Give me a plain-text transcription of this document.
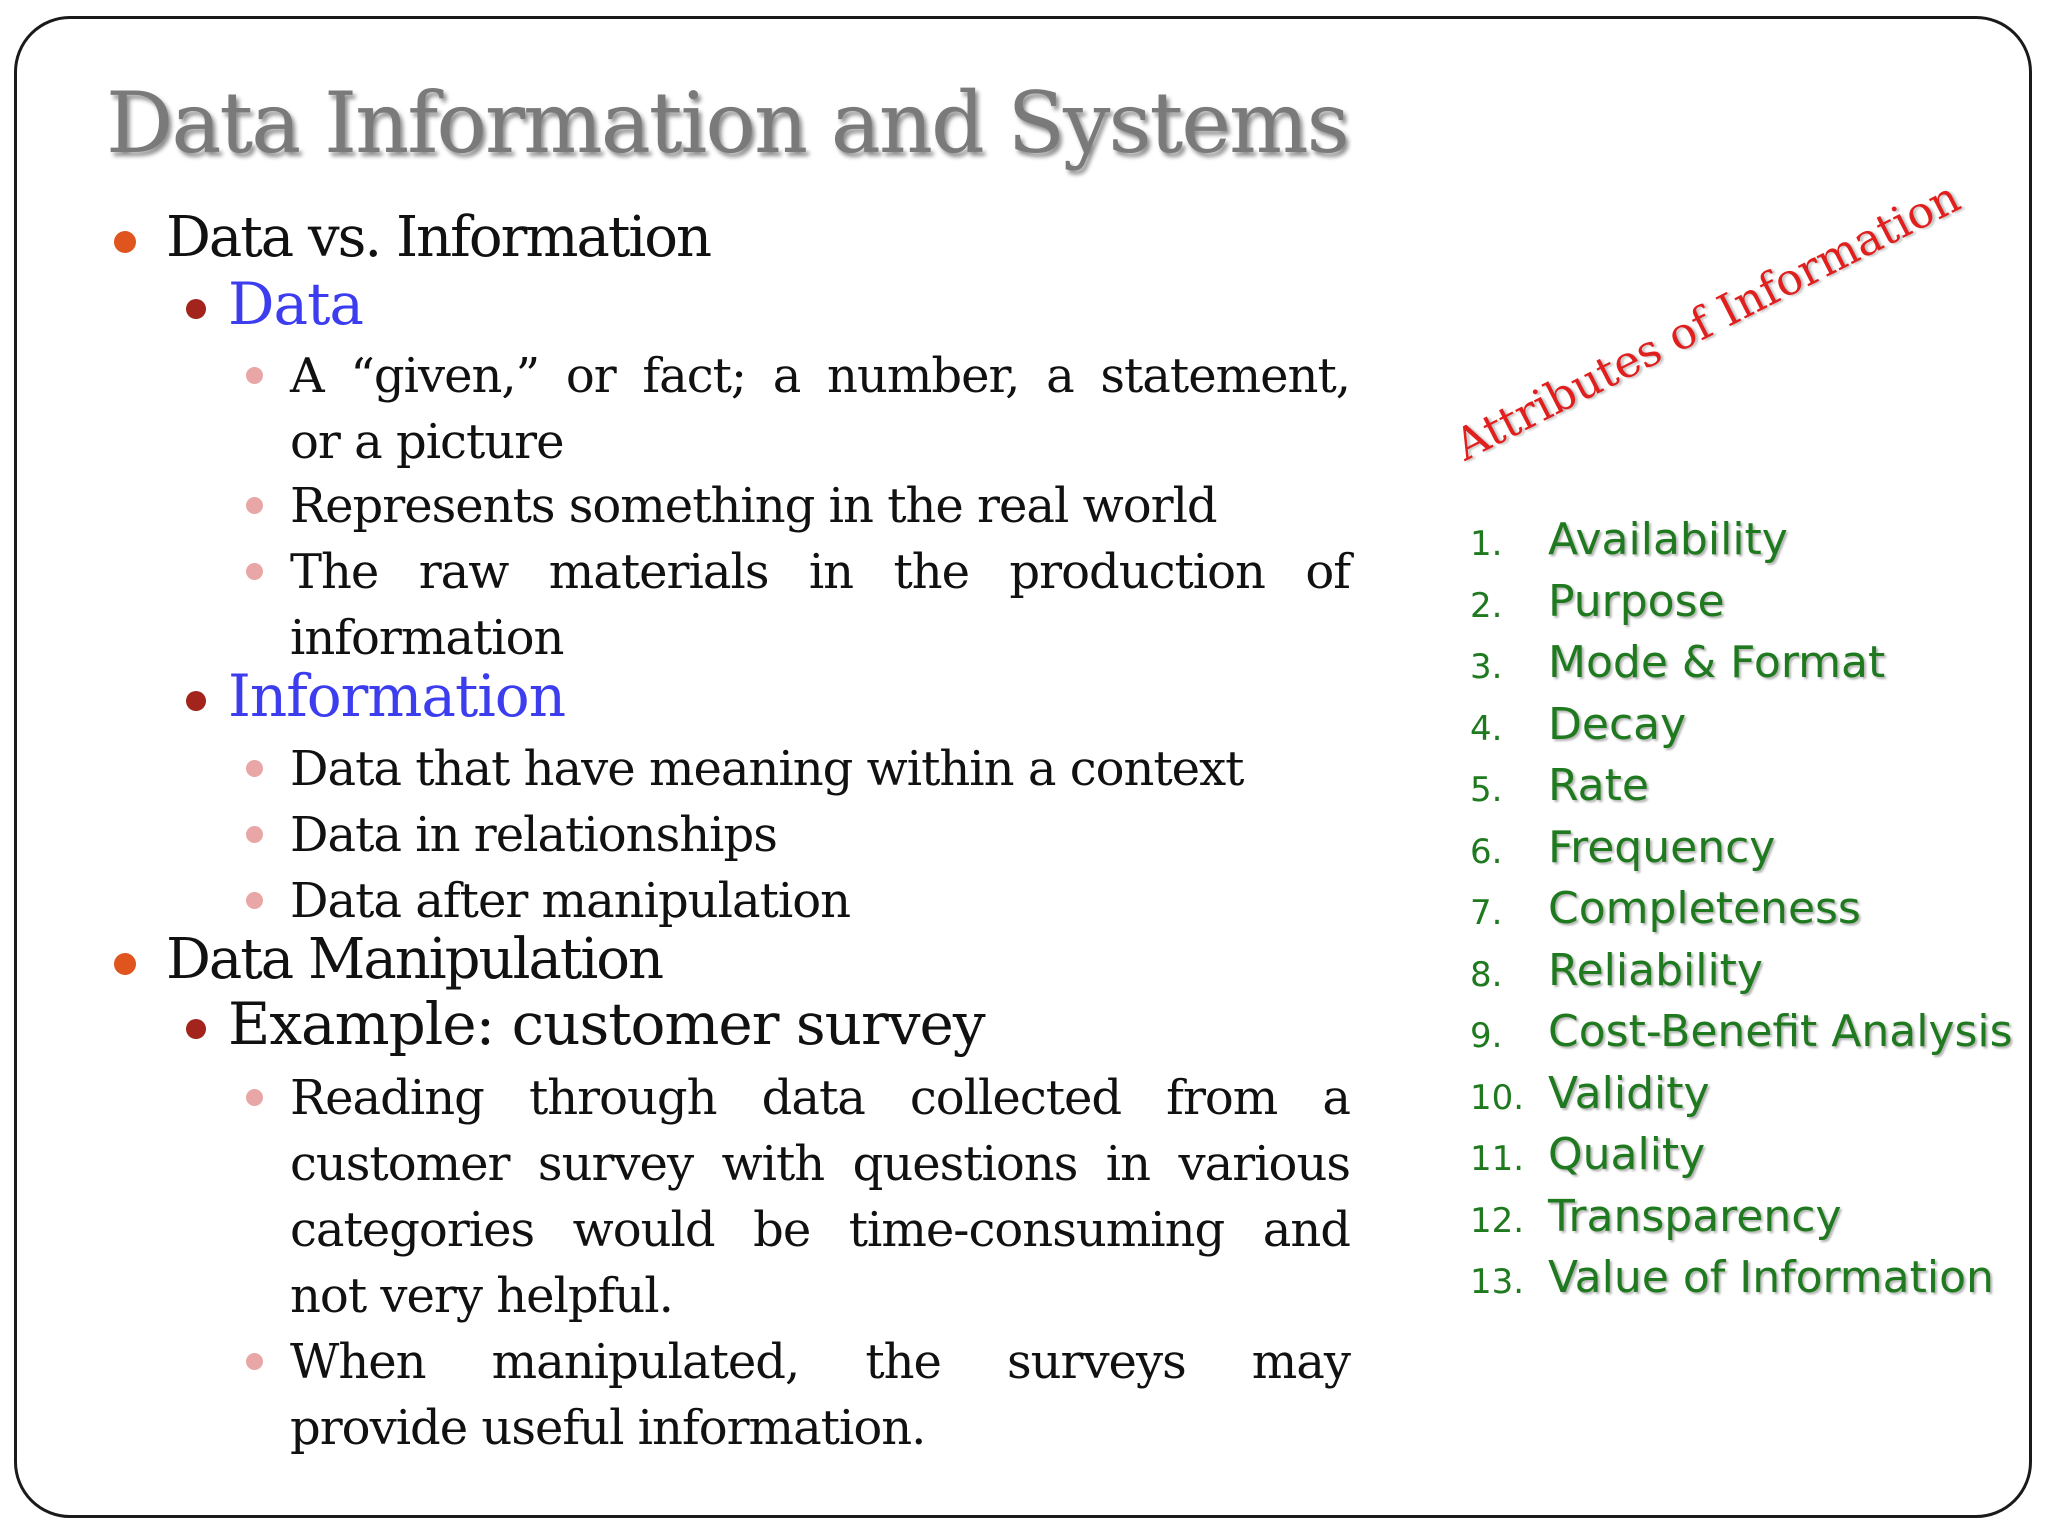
Data Information and Systems
Data vs. Information
Data
A “given,” or fact; a number, a statement,
or a picture
Represents something in the real world
The raw materials in the production of
information
Information
Data that have meaning within a context
Data in relationships
Data after manipulation
Data Manipulation
Example: customer survey
Reading through data collected from a
customer survey with questions in various
categories would be time-consuming and
not very helpful.
When manipulated, the surveys may
provide useful information.
Attributes of Information
1. Availability
2. Purpose
3. Mode & Format
4. Decay
5. Rate
6. Frequency
7. Completeness
8. Reliability
9. Cost-Benefit Analysis
10. Validity
11. Quality
12. Transparency
13. Value of Information
